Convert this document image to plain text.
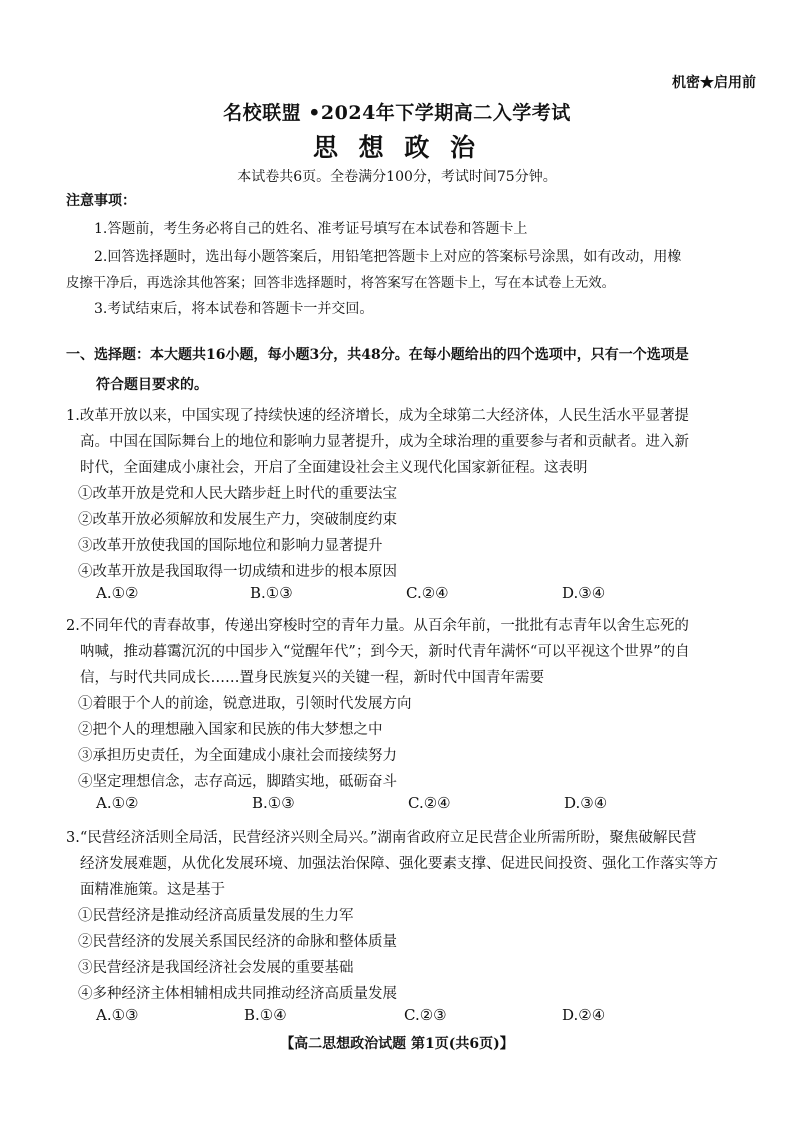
机密★启用前
名校联盟 •2024年下学期高二入学考试
思 想 政 治
本试卷共6页。全卷满分100分，考试时间75分钟。
注意事项：
1.答题前，考生务必将自己的姓名、准考证号填写在本试卷和答题卡上
2.回答选择题时，选出每小题答案后，用铅笔把答题卡上对应的答案标号涂黑，如有改动，用橡
皮擦干净后，再选涂其他答案；回答非选择题时，将答案写在答题卡上，写在本试卷上无效。
3.考试结束后，将本试卷和答题卡一并交回。
一、选择题：本大题共16小题，每小题3分，共48分。在每小题给出的四个选项中，只有一个选项是
符合题目要求的。
1.改革开放以来，中国实现了持续快速的经济增长，成为全球第二大经济体，人民生活水平显著提
高。中国在国际舞台上的地位和影响力显著提升，成为全球治理的重要参与者和贡献者。进入新
时代，全面建成小康社会，开启了全面建设社会主义现代化国家新征程。这表明
①改革开放是党和人民大踏步赶上时代的重要法宝
②改革开放必须解放和发展生产力，突破制度约束
③改革开放使我国的国际地位和影响力显著提升
④改革开放是我国取得一切成绩和进步的根本原因
A.①②	B.①③	C.②④	D.③④
2.不同年代的青春故事，传递出穿梭时空的青年力量。从百余年前，一批批有志青年以舍生忘死的
呐喊，推动暮霭沉沉的中国步入“觉醒年代”；到今天，新时代青年满怀“可以平视这个世界”的自
信，与时代共同成长……置身民族复兴的关键一程，新时代中国青年需要
①着眼于个人的前途，锐意进取，引领时代发展方向
②把个人的理想融入国家和民族的伟大梦想之中
③承担历史责任，为全面建成小康社会而接续努力
④坚定理想信念，志存高远，脚踏实地，砥砺奋斗
A.①②	B.①③	C.②④	D.③④
3.“民营经济活则全局活，民营经济兴则全局兴。”湖南省政府立足民营企业所需所盼，聚焦破解民营
经济发展难题，从优化发展环境、加强法治保障、强化要素支撑、促进民间投资、强化工作落实等方
面精准施策。这是基于
①民营经济是推动经济高质量发展的生力军
②民营经济的发展关系国民经济的命脉和整体质量
③民营经济是我国经济社会发展的重要基础
④多种经济主体相辅相成共同推动经济高质量发展
A.①③	B.①④	C.②③	D.②④
【高二思想政治试题 第1页(共6页)】
